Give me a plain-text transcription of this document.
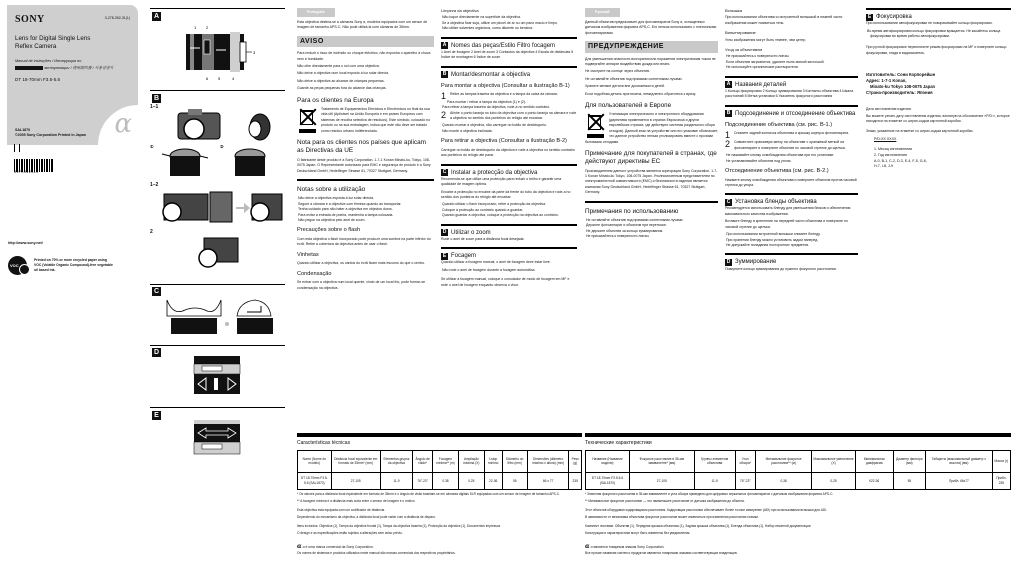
SONY	3-278-392-31(1)
Lens for Digital Single Lens
Reflex Camera
Manual de instruções / Инструкция по
эксплуатации / 使用說明書 / 사용설명서
DT 18-70mm F3.5-5.6
SAL1870
©2005 Sony Corporation Printed in Japan α
3278392310
http://www.sony.net/
VOC
Printed on 70% or more recycled paper using VOC (Volatile Organic Compound)-free vegetable oil based ink.
A
3
1 2
6 5	4
B
1–1
①	②
1–2
2
C
D
E
Português
Esta objectiva destina-se a câmaras Sony α, modelos equipados com um sensor de imagem de tamanho APS-C. Não pode utilizá-la com câmaras de 35mm.
AVISO
Para reduzir o risco de incêndio ou choque eléctrico, não exponha o aparelho à chuva nem à humidade.
Não olhe directamente para o sol com uma objectiva.
Não deixe a objectiva num local exposto à luz solar directa.
Não deixe a objectiva ao alcance de crianças pequenas.
Guarde as peças pequenas fora do alcance das crianças.
Para os clientes na Europa
Tratamento de Equipamentos Eléctricos e Electrónicos no final da sua vida útil (Aplicável na União Europeia e em países Europeus com sistemas de recolha selectiva de resíduos). Este símbolo, colocado no produto ou na sua embalagem, indica que este não deve ser tratado como resíduo urbano indiferenciado.
Nota para os clientes nos países que aplicam as Directivas da UE
O fabricante deste produto é a Sony Corporation, 1-7-1 Konan Minato-ku, Tokyo, 108-0075 Japan. O Representante autorizado para EMC e segurança de produto é a Sony Deutschland GmbH, Hedelfinger Strasse 61, 70327 Stuttgart, Germany.
Notas sobre a utilização
Não deixe a objectiva exposta à luz solar directa.
Segure a câmara e a objectiva com firmeza quando as transportar.
Tenha cuidado para não bater a objectiva em objectos duros.
Para evitar a entrada de poeira, mantenha a tampa colocada.
Não pegue na objectiva pelo anel de zoom.
Precauções sobre o flash
Com esta objectiva o flash incorporado pode produzir uma sombra na parte inferior do ecrã. Retire a cobertura da objectiva antes de usar o flash.
Vinhetas
Quando utilizar a objectiva, os cantos do ecrã ficam mais escuros do que o centro.
Condensação
Se entrar com a objectiva num local quente, vindo de um local frio, pode formar-se condensação na objectiva.
Limpeza da objectiva
Não toque directamente na superfície da objectiva.
Se a objectiva ficar suja, utilize um pincel de ar ou um pano macio e limpo.
Não utilize solventes orgânicos, como diluente ou benzina.
A Nomes das peças/Estilo Filtro focagem
1 Anel de focagem 2 Anel de zoom 3 Contactos da objectiva 4 Escala de distâncias 5 Índice de montagem 6 Índice de zoom
B Montar/desmontar a objectiva
Para montar a objectiva (Consultar a ilustração B-1)
1	Retire as tampas traseira da objectiva e a tampa da caixa da câmara.
Para montar / retirar a tampa da objectiva (1) e (2).
Para retirar a tampa traseira da objectiva, rode-a no sentido contrário.
2	Alinhe o ponto laranja no tubo da objectiva com o ponto laranja na câmara e rode a objectiva no sentido dos ponteiros do relógio até encaixar.
Quando montar a objectiva, não carregue no botão de desbloqueio.
Não monte a objectiva inclinada.
Para retirar a objectiva (Consultar a ilustração B-2)
Carregue no botão de desbloqueio da objectiva e rode a objectiva no sentido contrário aos ponteiros do relógio até parar.
C Instalar a protecção da objectiva
Recomenda-se que utilize uma protecção para reduzir o brilho e garantir uma qualidade de imagem óptima.
Encaixe a protecção no encaixe da parte da frente do tubo da objectiva e rode-a no sentido dos ponteiros do relógio até encaixar.
Quando utilizar o flash incorporado, retire a protecção da objectiva.
Coloque a protecção ao contrário quando a guardar.
Quando guardar a objectiva, coloque a protecção na objectiva ao contrário.
D Utilizar o zoom
Rode o anel de zoom para a distância focal desejada.
E Focagem
Quando utilizar a focagem manual, o anel de focagem deve estar livre.
Não rode o anel de focagem durante a focagem automática.
Se utilizar a focagem manual, coloque o comutador de modo de focagem em MF e rode o anel de focagem enquanto observa o visor.
Русский
Данный объектив предназначен для фотоаппаратов Sony α, оснащенных датчиком изображения формата APS-C. Его нельзя использовать с пленочными фотоаппаратами.
ПРЕДУПРЕЖДЕНИЕ
Для уменьшения опасности возгорания или поражения электрическим током не подвергайте аппарат воздействию дождя или влаги.
Не смотрите на солнце через объектив.
Не оставляйте объектив под прямыми солнечными лучами.
Храните мелкие детали вне досягаемости детей.
Если подобная деталь проглочена, немедленно обратитесь к врачу.
Для пользователей в Европе
Утилизация электрического и электронного оборудования (директива применяется в странах Евросоюза и других европейских странах, где действуют системы раздельного сбора отходов). Данный знак на устройстве или его упаковке обозначает, что данное устройство нельзя утилизировать вместе с прочими бытовыми отходами.
Примечание для покупателей в странах, где действуют директивы ЕС
Производителем данного устройства является корпорация Sony Corporation, 1-7-1 Konan Minato-ku Tokyo, 108-0075 Japan. Уполномоченным представителем по электромагнитной совместимости (EMC) и безопасности изделия является компания Sony Deutschland GmbH, Hedelfinger Strasse 61, 70327 Stuttgart, Germany.
Примечания по использованию
Не оставляйте объектив под прямыми солнечными лучами.
Держите фотоаппарат и объектив при переноске.
Не держите объектив за кольцо зуммирования.
Не прикасайтесь к поверхности линзы.
Вспышка
При использовании объектива со встроенной вспышкой в нижней части изображения может появиться тень.
Виньетирование
Углы изображения могут быть темнее, чем центр.
Уход за объективом
Не прикасайтесь к поверхности линзы.
Если объектив загрязнится, удалите пыль мягкой кисточкой.
Не используйте органические растворители.
A Названия деталей
1 Кольцо фокусировки 2 Кольцо зуммирования 3 Контакты объектива 4 Шкала расстояний 5 Метка установки 6 Указатель фокусного расстояния
B Подсоединение и отсоединение объектива
Подсоединение объектива (см. рис. B-1.)
1	Снимите задний колпачок объектива и крышку корпуса фотоаппарата.
2	Совместите оранжевую метку на объективе с оранжевой меткой на фотоаппарате и поверните объектив по часовой стрелке до щелчка.
Не нажимайте кнопку освобождения объектива при его установке.
Не устанавливайте объектив под углом.
Отсоединение объектива (см. рис. B-2.)
Нажмите кнопку освобождения объектива и поверните объектив против часовой стрелки до упора.
C Установка бленды объектива
Рекомендуется использовать бленду для уменьшения бликов и обеспечения максимального качества изображения.
Вставьте бленду в крепление на передней части объектива и поверните по часовой стрелке до щелчка.
При использовании встроенной вспышки снимите бленду.
При хранении бленду можно установить задом наперед.
Не допускайте попадания посторонних предметов.
D Зуммирование
Поверните кольцо зуммирования до нужного фокусного расстояния.
E Фокусировка
При использовании автофокусировки не поворачивайте кольцо фокусировки.
Во время автофокусировки кольцо фокусировки вращается. Не касайтесь кольца фокусировки во время работы автофокусировки.
При ручной фокусировке переключите режим фокусировки на MF и поверните кольцо фокусировки, глядя в видоискатель.
Изготовитель: Сони Корпорейшн
Адрес: 1-7-1 Konan,
Minato-ku Tokyo 108-0075 Japan
Страна-производитель: Япония
Дата изготовления изделия.
Вы можете узнать дату изготовления изделия, взглянув на обозначение «P/D:», которое находится на этикетке со штрих-кодом картонной коробки.
Знаки, указанные на этикетке со штрих-кодом картонной коробки.
P/D:XX XXXX
1. Месяц изготовления
2. Год изготовления
A-0, B-1, C-2, D-3, E-4, F-5, G-6,
H-7, I-8, J-9
Características técnicas
Nome (Nome do modelo)	Distância focal equivalente em formato de 35mm* (mm)	Elementos-grupos da objectiva	Ângulo de visão*	Focagem mínima** (m)	Ampliação máxima (X)	f-stop mínimo	Diâmetro do filtro (mm)	Dimensões (diâmetro máximo x altura) (mm)	Peso (g)
DT 18-70mm F3.5-5.6 (SAL1870)	27-105	11-9	76°-23°	0.38	0.25	22-36	55	66 x 77	235
* Os valores para a distância focal equivalente em formato de 35mm e o ângulo de visão baseiam-se em câmaras digitais SLR equipadas com um sensor de imagem de tamanho APS-C.
** A focagem mínima é a distância mais curta entre o sensor de imagem e o motivo.
Esta objectiva está equipada com um codificador de distância.
Dependendo do mecanismo da objectiva, a distância focal pode variar com a distância de disparo.
Itens incluídos: Objectiva (1), Tampa da objectiva frontal (1), Tampa da objectiva traseira (1), Protecção da objectiva (1), Documentos impressos
O design e as especificações estão sujeitos a alterações sem aviso prévio.
α α é uma marca comercial da Sony Corporation.
Os nomes de sistemas e produtos utilizados neste manual são marcas comerciais dos respectivos proprietários.
Технические характеристики
Название (Название модели)	Фокусное расстояние в 35-мм эквиваленте* (мм)	Группы элементов объектива	Угол обзора*	Минимальное фокусное расстояние** (м)	Максимальное увеличение (X)	Минимальная диафрагма	Диаметр фильтра (мм)	Габариты (максимальный диаметр x высота) (мм)	Масса (г)
DT 18-70mm F3.5-5.6 (SAL1870)	27-105	11-9	76°-23°	0,38	0,25	f/22-36	55	Прибл. 66x77	Прибл. 235
* Значения фокусного расстояния в 35-мм эквиваленте и угла обзора приведены для цифровых зеркальных фотоаппаратов с датчиком изображения формата APS-C.
** Минимальное фокусное расстояние — это наименьшее расстояние от датчика изображения до объекта.
Этот объектив оборудован кодировщиком расстояния. Кодировщик расстояния обеспечивает более точное измерение (ADI) при использовании вспышки для ADI.
В зависимости от механизма объектива фокусное расстояние может изменяться при изменении расстояния съемки.
Комплект поставки: Объектив (1), Передняя крышка объектива (1), Задняя крышка объектива (1), Бленда объектива (1), Набор печатной документации
Конструкция и характеристики могут быть изменены без уведомления.
α α является товарным знаком Sony Corporation.
Все прочие названия систем и продуктов являются товарными знаками соответствующих владельцев.
